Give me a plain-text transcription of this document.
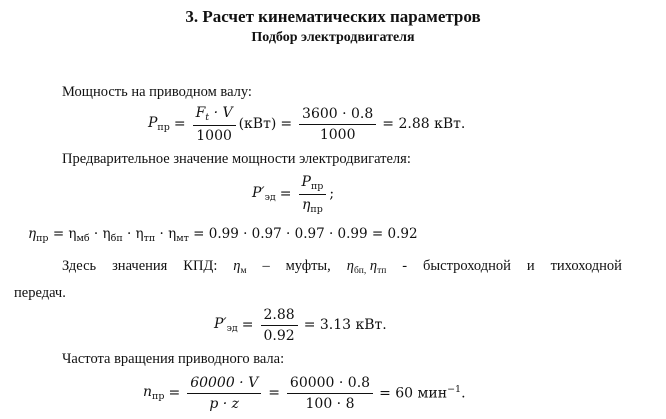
3. Расчет кинематических параметров
Подбор электродвигателя
Мощность на приводном валу:
$P_{пр} = \frac{F_t \cdot V}{1000} (кВт) = \frac{3600 \cdot 0.8}{1000} = 2.88$ кВт.
Предварительное значение мощности электродвигателя:
$P'_{эд} = \frac{P_{пр}}{\eta_{пр}}$ ;
$\eta_{пр} = \eta_{мб} \cdot \eta_{бп} \cdot \eta_{тп} \cdot \eta_{мт} = 0.99 \cdot 0.97 \cdot 0.97 \cdot 0.99 = 0.92$
Здесь значения КПД: $\eta_м$ – муфты, $\eta_{бп,}$ $\eta_{тп}$ - быстроходной и тихоходной
передач.
$P'_{эд} = \frac{2.88}{0.92} = 3.13$ кВт.
Частота вращения приводного вала:
$n_{пр} = \frac{60000 \cdot V}{p \cdot z} = \frac{60000 \cdot 0.8}{100 \cdot 8} = 60$ мин$^{-1}$.
